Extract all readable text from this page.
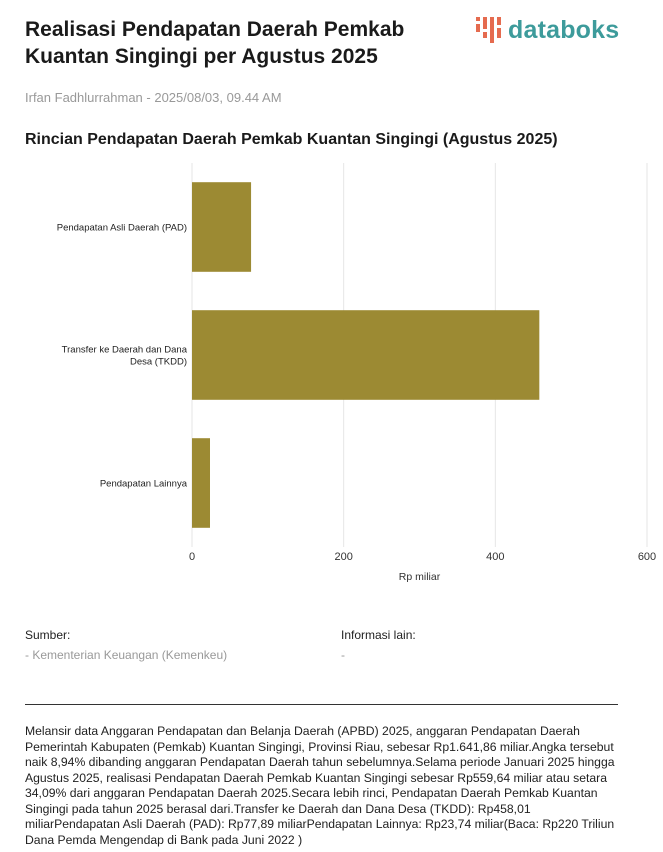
Realisasi Pendapatan Daerah Pemkab Kuantan Singingi per Agustus 2025
databoks
Irfan Fadhlurrahman - 2025/08/03, 09.44 AM
Rincian Pendapatan Daerah Pemkab Kuantan Singingi (Agustus 2025)
0	200	400	600
Pendapatan Asli Daerah (PAD)
Transfer ke Daerah dan Dana
Desa (TKDD)
Pendapatan Lainnya
Rp miliar
Sumber:
- Kementerian Keuangan (Kemenkeu)
Informasi lain:
-
Melansir data Anggaran Pendapatan dan Belanja Daerah (APBD) 2025, anggaran Pendapatan Daerah Pemerintah Kabupaten (Pemkab) Kuantan Singingi, Provinsi Riau, sebesar Rp1.641,86 miliar.Angka tersebut naik 8,94% dibanding anggaran Pendapatan Daerah tahun sebelumnya.Selama periode Januari 2025 hingga Agustus 2025, realisasi Pendapatan Daerah Pemkab Kuantan Singingi sebesar Rp559,64 miliar atau setara 34,09% dari anggaran Pendapatan Daerah 2025.Secara lebih rinci, Pendapatan Daerah Pemkab Kuantan Singingi pada tahun 2025 berasal dari.Transfer ke Daerah dan Dana Desa (TKDD): Rp458,01 miliarPendapatan Asli Daerah (PAD): Rp77,89 miliarPendapatan Lainnya: Rp23,74 miliar(Baca: Rp220 Triliun Dana Pemda Mengendap di Bank pada Juni 2022 )
